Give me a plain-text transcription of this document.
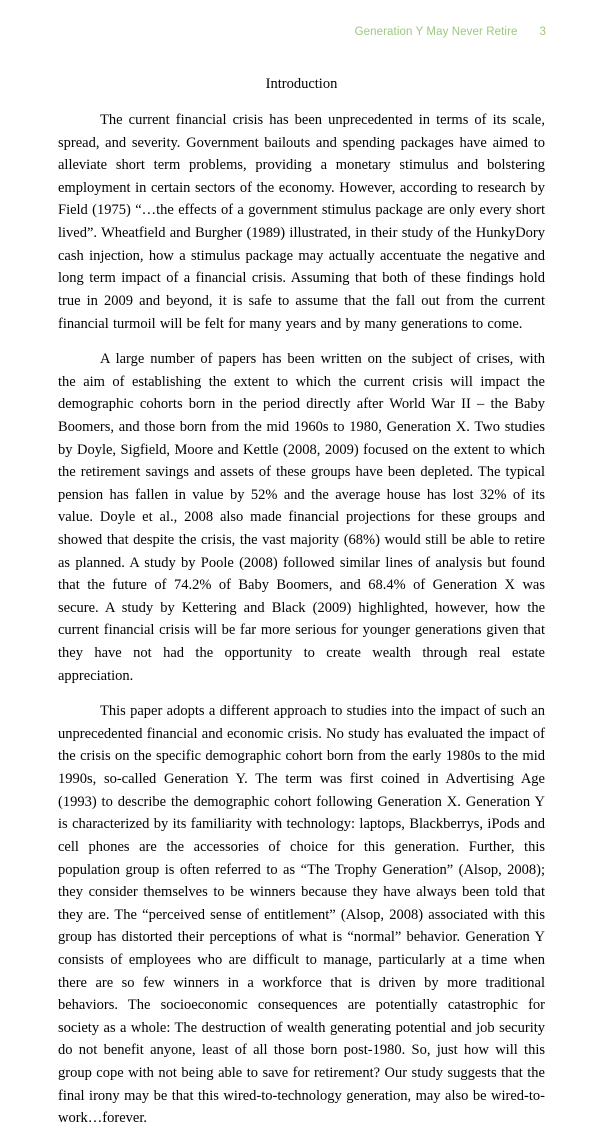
Generation Y May Never Retire 3
Introduction

The current financial crisis has been unprecedented in terms of its scale, spread, and severity. Government bailouts and spending packages have aimed to alleviate short term problems, providing a monetary stimulus and bolstering employment in certain sectors of the economy. However, according to research by Field (1975) “…the effects of a government stimulus package are only every short lived”. Wheatfield and Burgher (1989) illustrated, in their study of the HunkyDory cash injection, how a stimulus package may actually accentuate the negative and long term impact of a financial crisis. Assuming that both of these findings hold true in 2009 and beyond, it is safe to assume that the fall out from the current financial turmoil will be felt for many years and by many generations to come.

A large number of papers has been written on the subject of crises, with the aim of establishing the extent to which the current crisis will impact the demographic cohorts born in the period directly after World War II – the Baby Boomers, and those born from the mid 1960s to 1980, Generation X. Two studies by Doyle, Sigfield, Moore and Kettle (2008, 2009) focused on the extent to which the retirement savings and assets of these groups have been depleted. The typical pension has fallen in value by 52% and the average house has lost 32% of its value. Doyle et al., 2008 also made financial projections for these groups and showed that despite the crisis, the vast majority (68%) would still be able to retire as planned. A study by Poole (2008) followed similar lines of analysis but found that the future of 74.2% of Baby Boomers, and 68.4% of Generation X was secure. A study by Kettering and Black (2009) highlighted, however, how the current financial crisis will be far more serious for younger generations given that they have not had the opportunity to create wealth through real estate appreciation.

This paper adopts a different approach to studies into the impact of such an unprecedented financial and economic crisis. No study has evaluated the impact of the crisis on the specific demographic cohort born from the early 1980s to the mid 1990s, so-called Generation Y. The term was first coined in Advertising Age (1993) to describe the demographic cohort following Generation X. Generation Y is characterized by its familiarity with technology: laptops, Blackberrys, iPods and cell phones are the accessories of choice for this generation. Further, this population group is often referred to as “The Trophy Generation” (Alsop, 2008); they consider themselves to be winners because they have always been told that they are. The “perceived sense of entitlement” (Alsop, 2008) associated with this group has distorted their perceptions of what is “normal” behavior. Generation Y consists of employees who are difficult to manage, particularly at a time when there are so few winners in a workforce that is driven by more traditional behaviors. The socioeconomic consequences are potentially catastrophic for society as a whole: The destruction of wealth generating potential and job security do not benefit anyone, least of all those born post-1980. So, just how will this group cope with not being able to save for retirement? Our study suggests that the final irony may be that this wired-to-technology generation, may also be wired-to-work…forever.
